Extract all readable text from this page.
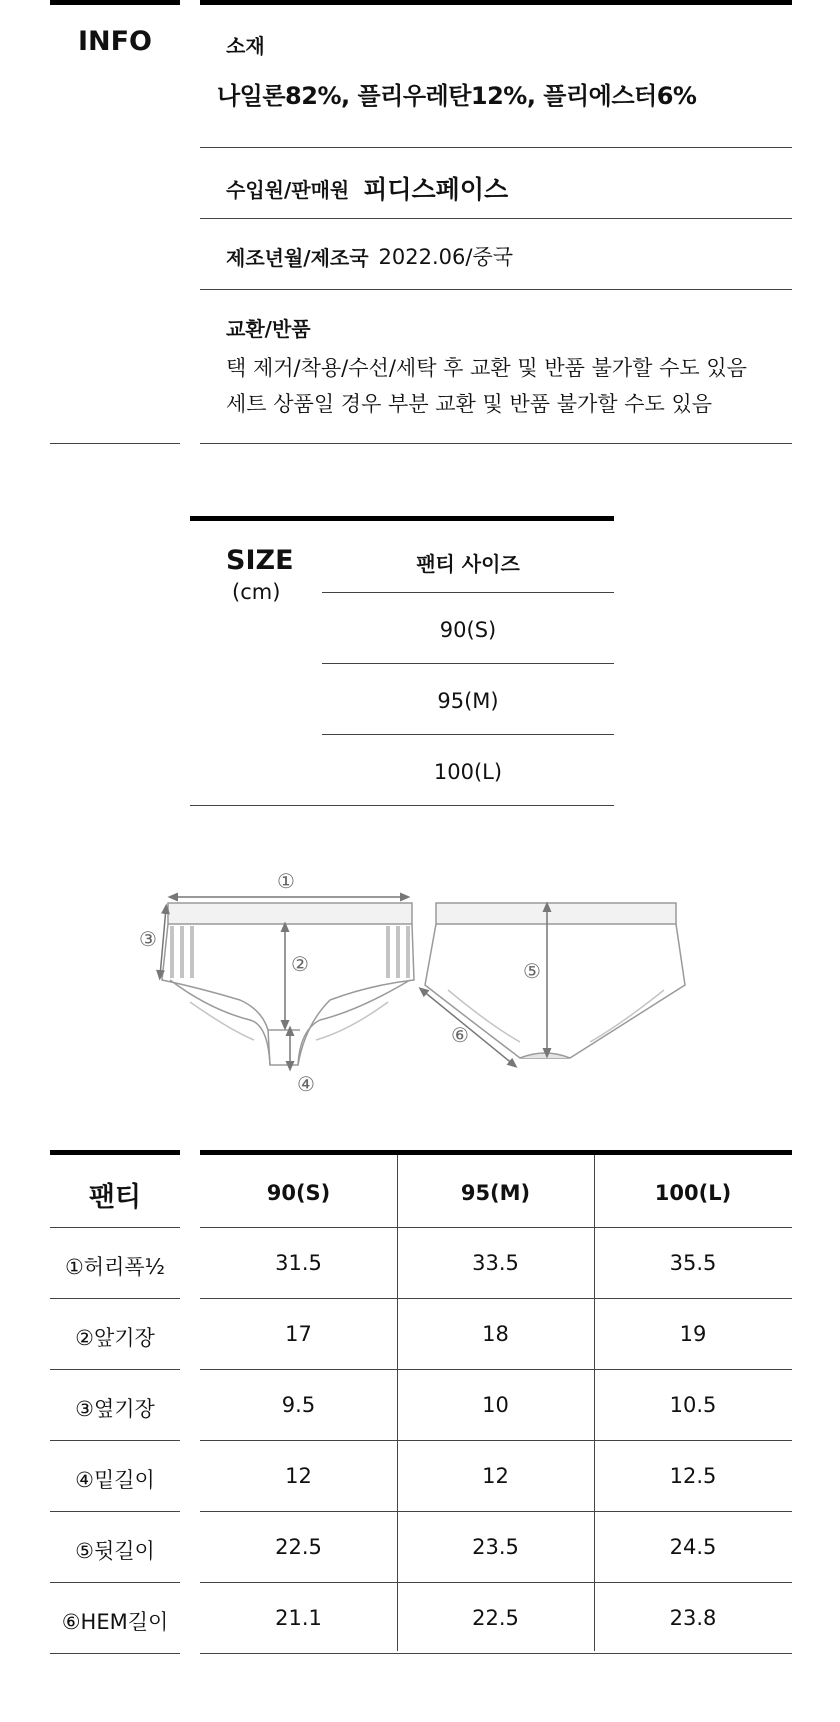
INFO	소재
나일론82%, 플리우레탄12%, 플리에스터6%
수입원/판매원 피디스페이스
제조년월/제조국 2022.06/중국
교환/반품
택 제거/착용/수선/세탁 후 교환 및 반품 불가할 수도 있음
세트 상품일 경우 부분 교환 및 반품 불가할 수도 있음
SIZE
(cm)
팬티 사이즈
90(S)
95(M)
100(L)
①
③
②
④
⑤
⑥
팬티	90(S)	95(M)	100(L)
①허리폭½	31.5	33.5	35.5
②앞기장	17	18	19
③옆기장	9.5	10	10.5
④밑길이	12	12	12.5
⑤뒷길이	22.5	23.5	24.5
⑥HEM길이	21.1	22.5	23.8
